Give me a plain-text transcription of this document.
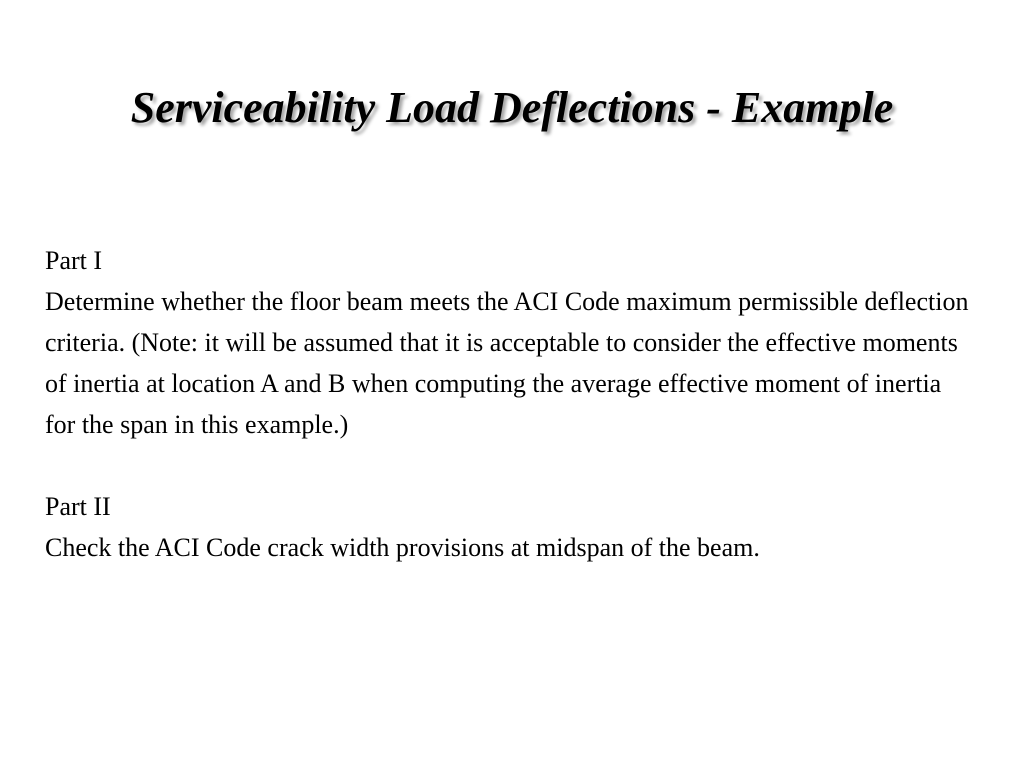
Serviceability Load Deflections - Example

Part I

Determine whether the floor beam meets the ACI Code maximum permissible deflection criteria. (Note: it will be assumed that it is acceptable to consider the effective moments of inertia at location A and B when computing the average effective moment of inertia for the span in this example.)

Part II

Check the ACI Code crack width provisions at midspan of the beam.
